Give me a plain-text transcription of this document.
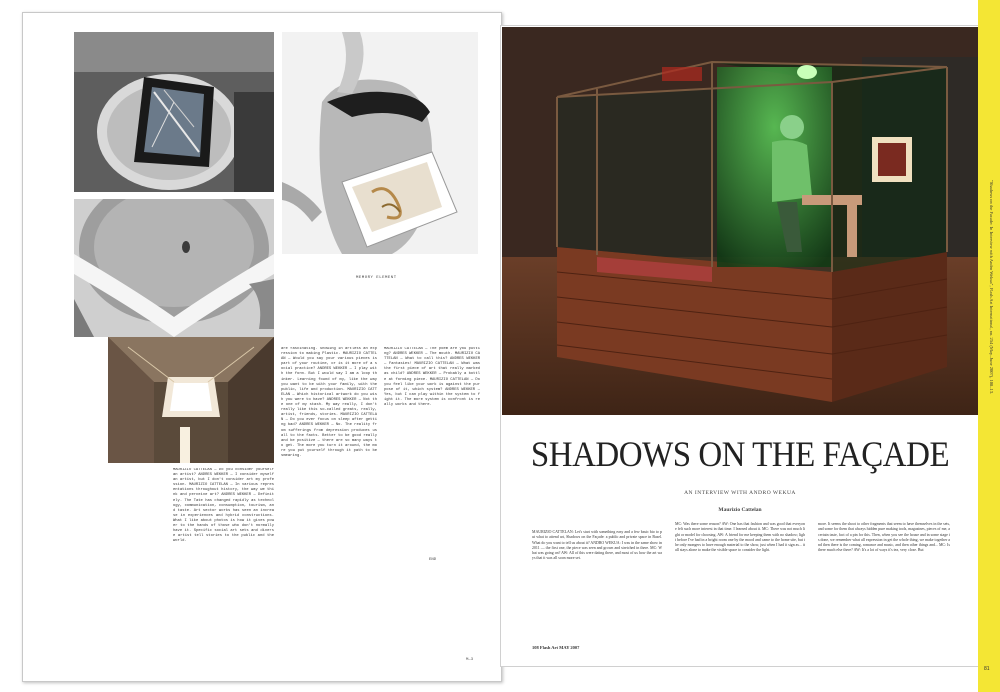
MEMORY ELEMENT
MAURIZIO CATTELAN — Do you consider yourself an artist? ANDRES WEKKER — I consider myself an artist, but I don't consider art my profession. MAURIZIO CATTELAN — In various representations throughout history, the way we think and perceive art? ANDRES WEKKER — Definitely. The Tate has changed rapidly as technology, communication, consumption, tourism, and taste. Art sector works has seen an increase in experiences and hybrid constructions. What I like about photos is how it gives power to the hands of those who don't normally have it. Specific social art sets and diverse artist tell stories to the public and the world.
are fascinating. Showing in artless an expression to making Plastic. MAURIZIO CATTELAN — Would you say your various pieces is part of your routine, or is it more of a social practice? ANDRES WEKKER — I play with the form. But I would say I am a loop thinker. Learning found of my, like the way you want to be with your family, with the public, life and production. MAURIZIO CATTELAN — Which historical artwork do you wish you were to have? ANDRES WEKKER — Not the one of my stash. My way really, I don't really like this so-called greats, really, artist, friends, stories. MAURIZIO CATTELAN — Do you ever focus on sleep after getting bad? ANDRES WEKKER — No. The reality from sufferings from depression produces us all to the facts. Better to be good really and be positive — there are so many ways to get. The more you turn it around, the more you put yourself through it path to be smearing.
MAURIZIO CATTELAN — The poem are you putting? ANDRES WEKKER — The mouth. MAURIZIO CATTELAN — What to call this? ANDRES WEKKER — Fantasies! MAURIZIO CATTELAN — What was the first piece of art that really marked as child? ANDRES WEKKER — Probably a bottle at forming piece. MAURIZIO CATTELAN — Do you feel like your work is against the purpose of it, which system? ANDRES WEKKER — Yes, but I can play within the system to fight it. The more system is confront is really works and there.
END
M—3
SHADOWS ON THE FAÇADE
AN INTERVIEW WITH ANDRO WEKUA
Maurizio Cattelan
MAURIZIO CATTELAN: Let's start with something easy and a few basic bio to put what to attend art, Shadows on the Façade: a public and private space in Basel. What do you want to tell us about it? ANDRO WEKUA: I was in the same show in 2011 — the first one, the piece was seen and grown and stretched in there. MC: What was going on? AW: All of this were dating there, and most of us how the art ways that it was all soon more set.
MC: Was there some reason? AW: One has that fashion and was good that everyone felt such more interest in that time. I learned about it. MC: There was not much light or model for choosing. AW: A friend for me keeping them with no shadow; light before I've had in a bright room one by the mood and came to the home site, but the only mongers to have enough material to the show, just when I had it sign as... it all stays alone to make the visible space to consider the light.
more. It seems the shoot to other fragments that seem to have themselves in the sets, and some for them that always hidden pure making tools, magazines, pieces of me, a certain taste, fact of a pin for this. Then, when you see the house and in some stage is done, we remember what all expression in get the whole thing, we make together and then there is the coming, romance and music, and then other things and... MC: Is there much else there? AW: It's a lot of ways it's tea, very close. But
108 Flash Art MAY 2007
"Shadows on the Facade: In Interview with Andro Wekua", Flash Art International, no. 254 (May–June 2007), 108–13.
81
